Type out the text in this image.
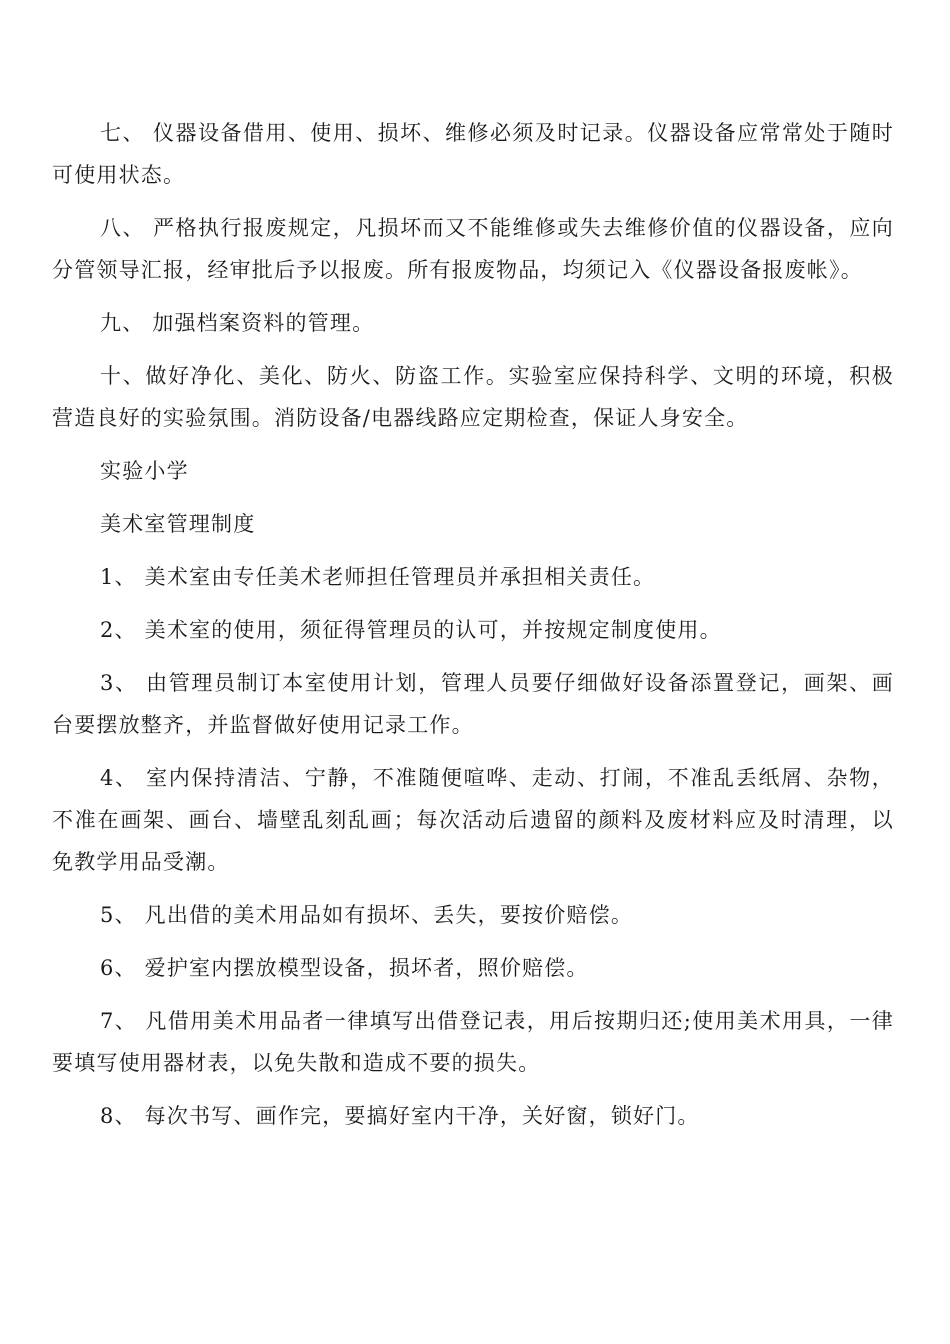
七、 仪器设备借用、使用、损坏、维修必须及时记录。仪器设备应常常处于随时可使用状态。

八、 严格执行报废规定，凡损坏而又不能维修或失去维修价值的仪器设备，应向分管领导汇报，经审批后予以报废。所有报废物品，均须记入《仪器设备报废帐》。

九、 加强档案资料的管理。

十、做好净化、美化、防火、防盗工作。实验室应保持科学、文明的环境，积极营造良好的实验氛围。消防设备/电器线路应定期检查，保证人身安全。

实验小学

美术室管理制度

1、 美术室由专任美术老师担任管理员并承担相关责任。

2、 美术室的使用，须征得管理员的认可，并按规定制度使用。

3、 由管理员制订本室使用计划，管理人员要仔细做好设备添置登记，画架、画台要摆放整齐，并监督做好使用记录工作。

4、 室内保持清洁、宁静，不准随便喧哗、走动、打闹，不准乱丢纸屑、杂物，不准在画架、画台、墙壁乱刻乱画；每次活动后遗留的颜料及废材料应及时清理，以免教学用品受潮。

5、 凡出借的美术用品如有损坏、丢失，要按价赔偿。

6、 爱护室内摆放模型设备，损坏者，照价赔偿。

7、 凡借用美术用品者一律填写出借登记表，用后按期归还;使用美术用具，一律要填写使用器材表，以免失散和造成不要的损失。

8、 每次书写、画作完，要搞好室内干净，关好窗，锁好门。
